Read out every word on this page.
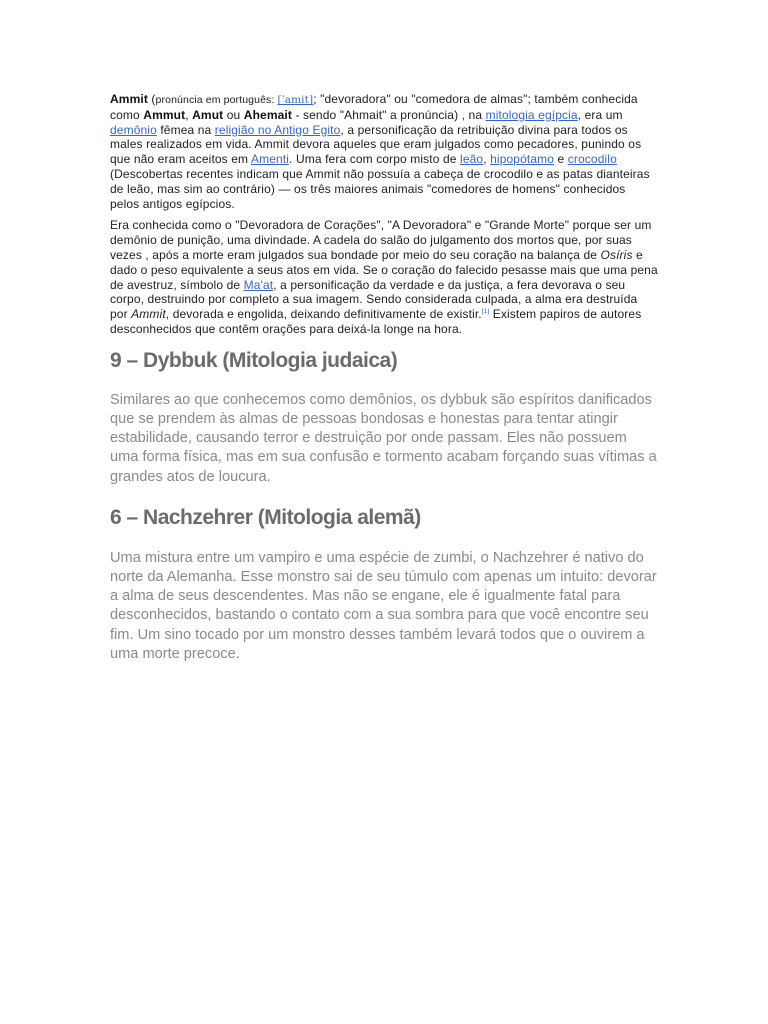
Ammit (pronúncia em português: [ˈamit]; "devoradora" ou "comedora de almas"; também conhecida como Ammut, Amut ou Ahemait - sendo "Ahmait" a pronúncia) , na mitologia egípcia, era um demônio fêmea na religião no Antigo Egito, a personificação da retribuição divina para todos os males realizados em vida. Ammit devora aqueles que eram julgados como pecadores, punindo os que não eram aceitos em Amenti. Uma fera com corpo misto de leão, hipopótamo e crocodilo (Descobertas recentes indicam que Ammit não possuía a cabeça de crocodilo e as patas dianteiras de leão, mas sim ao contrário) — os três maiores animais "comedores de homens" conhecidos pelos antigos egípcios.

Era conhecida como o "Devoradora de Corações", "A Devoradora" e "Grande Morte" porque ser um demônio de punição, uma divindade. A cadela do salão do julgamento dos mortos que, por suas vezes , após a morte eram julgados sua bondade por meio do seu coração na balança de Osíris e dado o peso equivalente a seus atos em vida. Se o coração do falecido pesasse mais que uma pena de avestruz, símbolo de Ma'at, a personificação da verdade e da justiça, a fera devorava o seu corpo, destruindo por completo a sua imagem. Sendo considerada culpada, a alma era destruída por Ammit, devorada e engolida, deixando definitivamente de existir.[1] Existem papiros de autores desconhecidos que contêm orações para deixá-la longe na hora.

9 – Dybbuk (Mitologia judaica)

Similares ao que conhecemos como demônios, os dybbuk são espíritos danificados que se prendem às almas de pessoas bondosas e honestas para tentar atingir estabilidade, causando terror e destruição por onde passam. Eles não possuem uma forma física, mas em sua confusão e tormento acabam forçando suas vítimas a grandes atos de loucura.

6 – Nachzehrer (Mitologia alemã)

Uma mistura entre um vampiro e uma espécie de zumbi, o Nachzehrer é nativo do norte da Alemanha. Esse monstro sai de seu túmulo com apenas um intuito: devorar a alma de seus descendentes. Mas não se engane, ele é igualmente fatal para desconhecidos, bastando o contato com a sua sombra para que você encontre seu fim. Um sino tocado por um monstro desses também levará todos que o ouvirem a uma morte precoce.
